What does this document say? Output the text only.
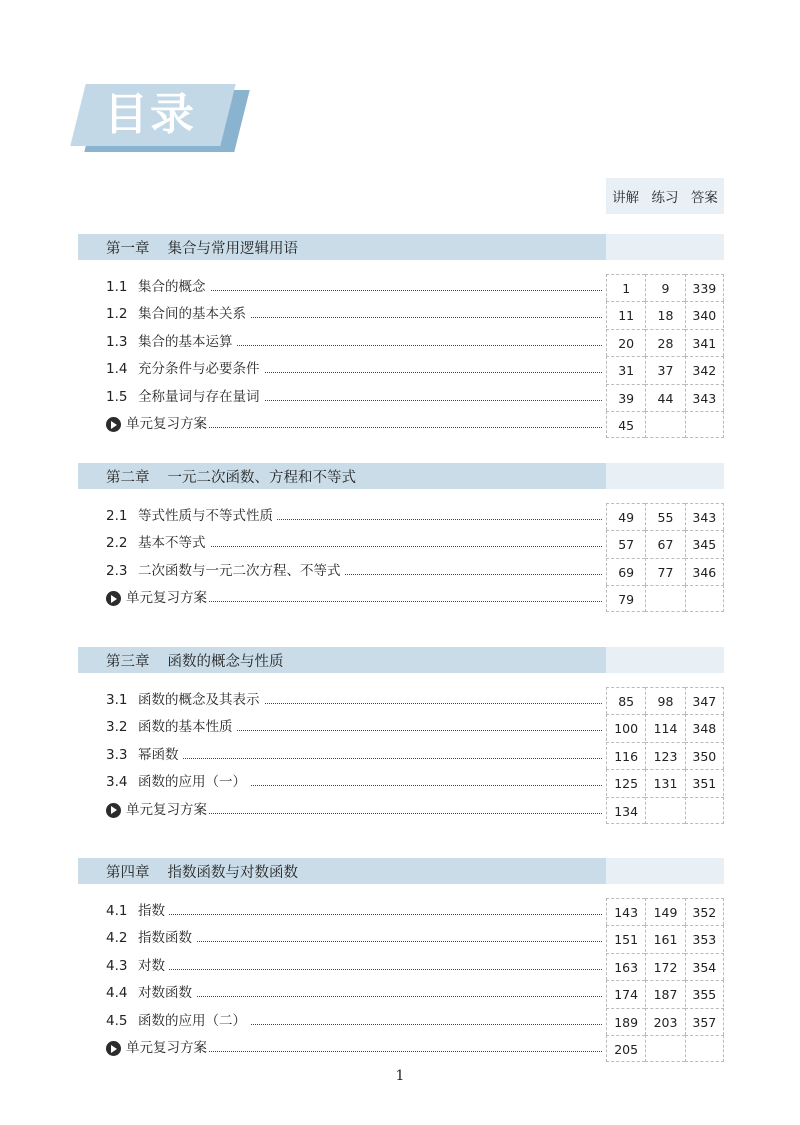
目录
讲解 练习 答案
第一章 集合与常用逻辑用语
1.1 集合的概念	1	9	339
1.2 集合间的基本关系	11	18	340
1.3 集合的基本运算	20	28	341
1.4 充分条件与必要条件	31	37	342
1.5 全称量词与存在量词	39	44	343
单元复习方案	45
第二章 一元二次函数、方程和不等式
2.1 等式性质与不等式性质	49	55	343
2.2 基本不等式	57	67	345
2.3 二次函数与一元二次方程、不等式	69	77	346
单元复习方案	79
第三章 函数的概念与性质
3.1 函数的概念及其表示	85	98	347
3.2 函数的基本性质	100	114	348
3.3 幂函数	116	123	350
3.4 函数的应用（一）	125	131	351
单元复习方案	134
第四章 指数函数与对数函数
4.1 指数	143	149	352
4.2 指数函数	151	161	353
4.3 对数	163	172	354
4.4 对数函数	174	187	355
4.5 函数的应用（二）	189	203	357
单元复习方案	205
1
